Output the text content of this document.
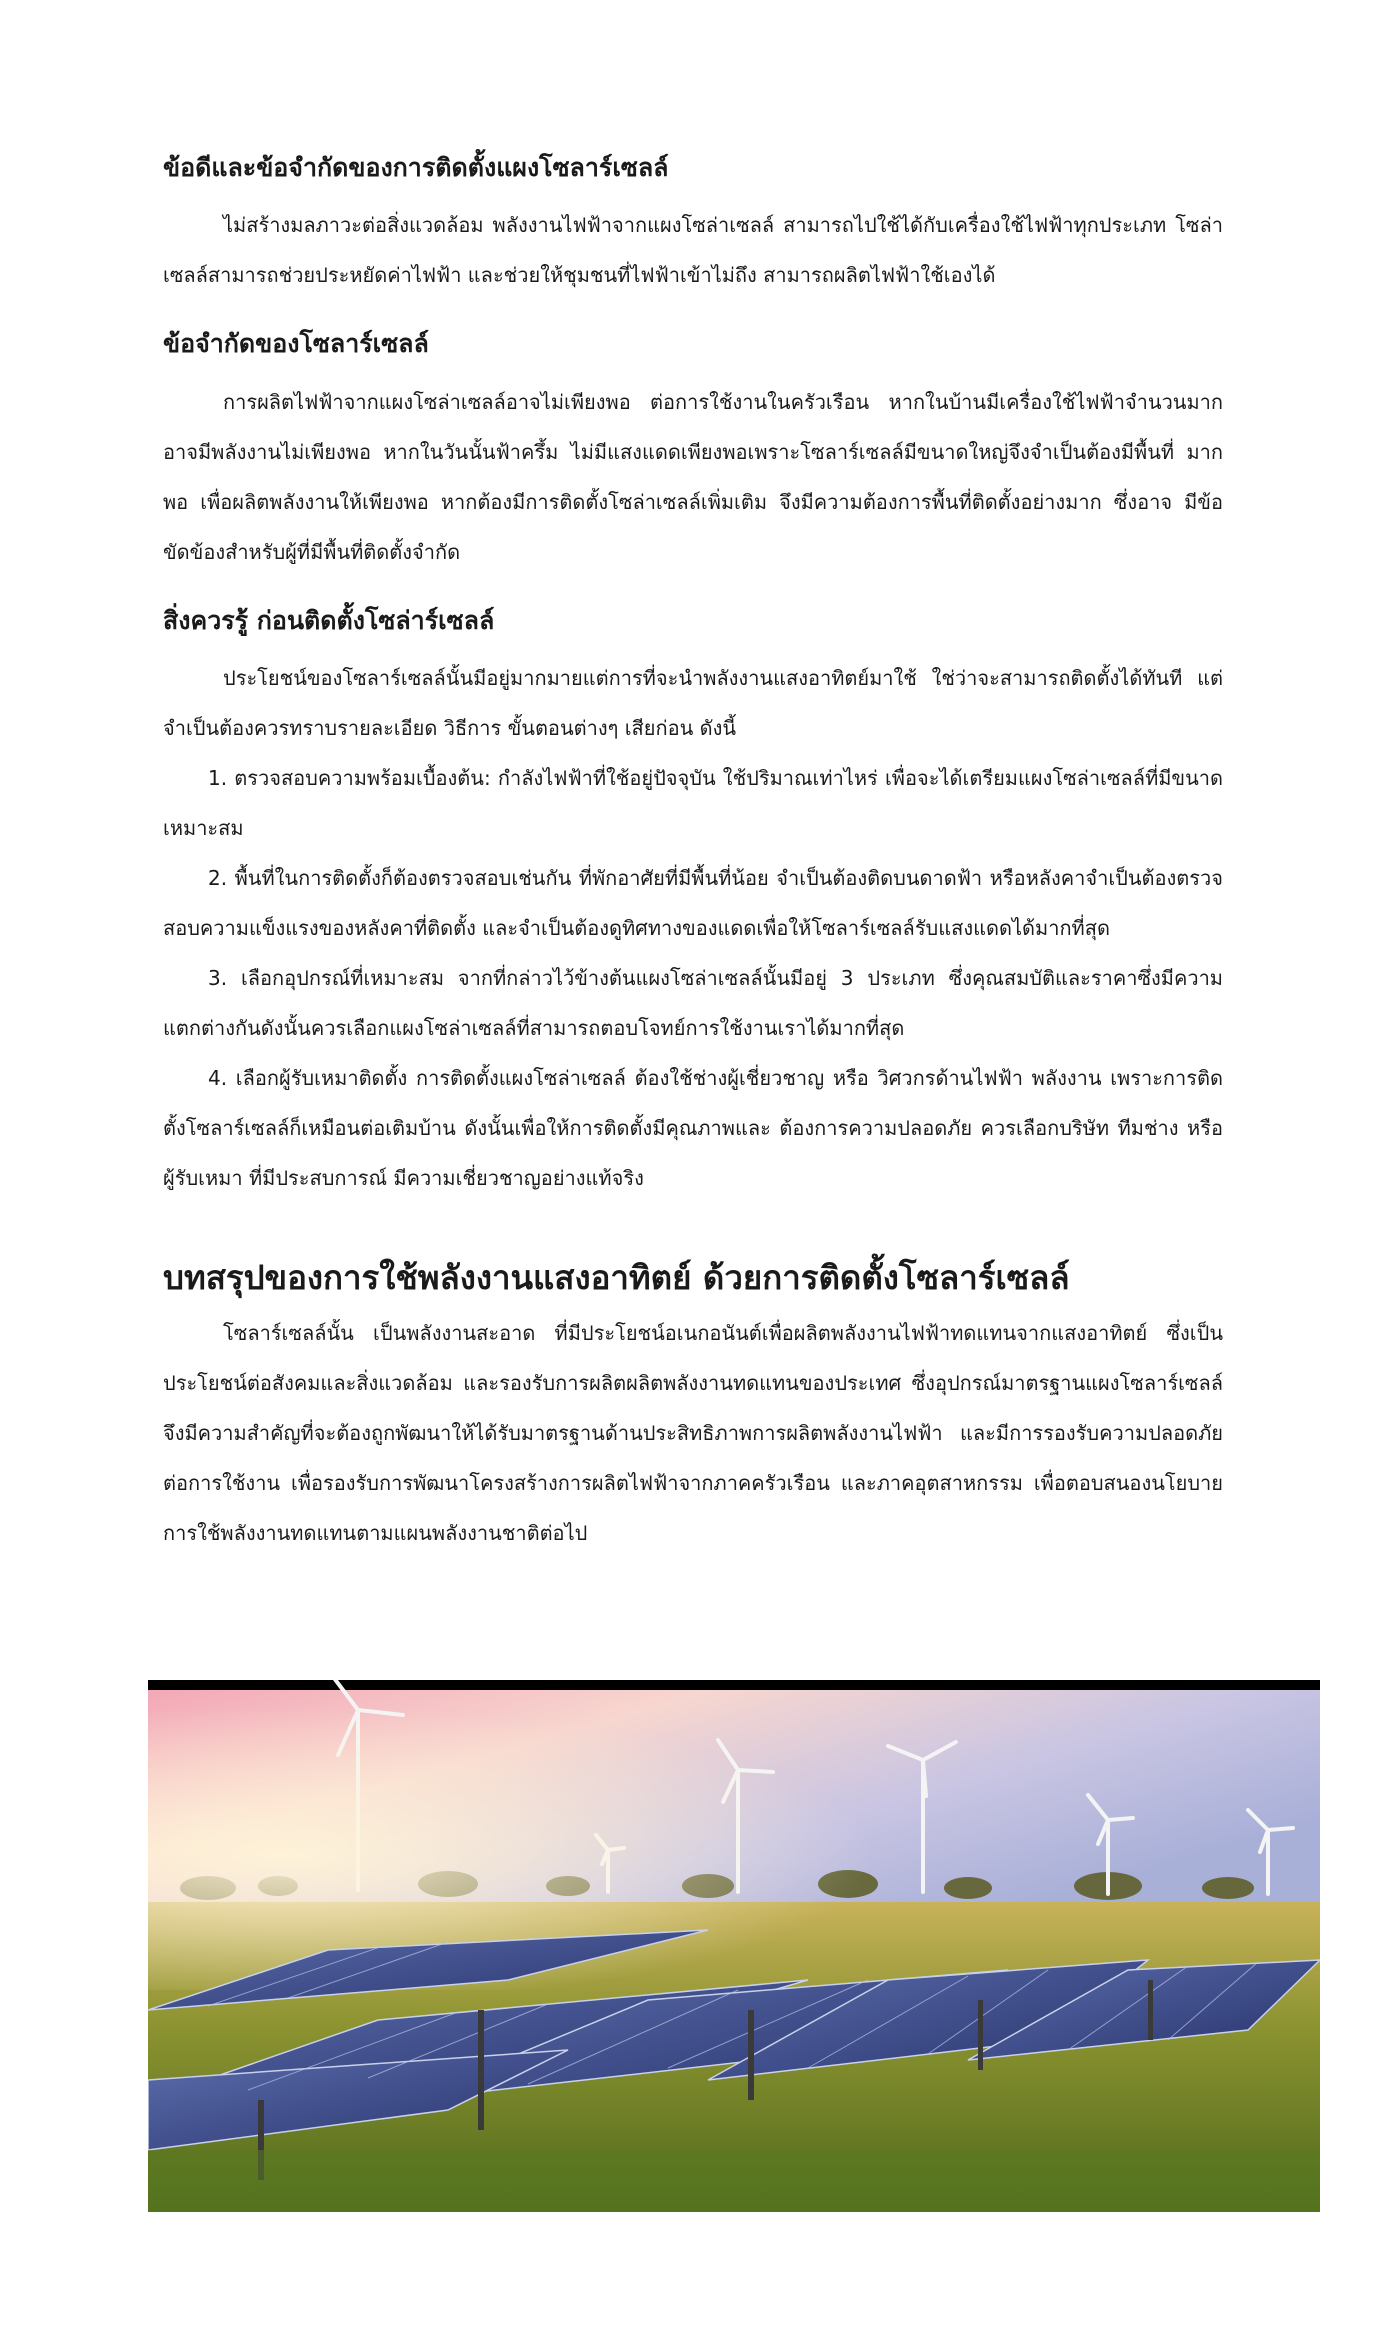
ข้อดีและข้อจำกัดของการติดตั้งแผงโซลาร์เซลล์

ไม่สร้างมลภาวะต่อสิ่งแวดล้อม พลังงานไฟฟ้าจากแผงโซล่าเซลล์ สามารถไปใช้ได้กับเครื่องใช้ไฟฟ้าทุกประเภท โซล่าเซลล์สามารถช่วยประหยัดค่าไฟฟ้า และช่วยให้ชุมชนที่ไฟฟ้าเข้าไม่ถึง สามารถผลิตไฟฟ้าใช้เองได้

ข้อจำกัดของโซลาร์เซลล์

การผลิตไฟฟ้าจากแผงโซล่าเซลล์อาจไม่เพียงพอ ต่อการใช้งานในครัวเรือน หากในบ้านมีเครื่องใช้ไฟฟ้าจำนวนมาก อาจมีพลังงานไม่เพียงพอ หากในวันนั้นฟ้าครึ้ม ไม่มีแสงแดดเพียงพอเพราะโซลาร์เซลล์มีขนาดใหญ่จึงจำเป็นต้องมีพื้นที่ มากพอ เพื่อผลิตพลังงานให้เพียงพอ หากต้องมีการติดตั้งโซล่าเซลล์เพิ่มเติม จึงมีความต้องการพื้นที่ติดตั้งอย่างมาก ซึ่งอาจ มีข้อขัดข้องสำหรับผู้ที่มีพื้นที่ติดตั้งจำกัด

สิ่งควรรู้ ก่อนติดตั้งโซล่าร์เซลล์

ประโยชน์ของโซลาร์เซลล์นั้นมีอยู่มากมายแต่การที่จะนำพลังงานแสงอาทิตย์มาใช้ ใช่ว่าจะสามารถติดตั้งได้ทันที แต่จำเป็นต้องควรทราบรายละเอียด วิธีการ ขั้นตอนต่างๆ เสียก่อน ดังนี้

1. ตรวจสอบความพร้อมเบื้องต้น: กำลังไฟฟ้าที่ใช้อยู่ปัจจุบัน ใช้ปริมาณเท่าไหร่ เพื่อจะได้เตรียมแผงโซล่าเซลล์ที่มีขนาดเหมาะสม

2. พื้นที่ในการติดตั้งก็ต้องตรวจสอบเช่นกัน ที่พักอาศัยที่มีพื้นที่น้อย จำเป็นต้องติดบนดาดฟ้า หรือหลังคาจำเป็นต้องตรวจสอบความแข็งแรงของหลังคาที่ติดตั้ง และจำเป็นต้องดูทิศทางของแดดเพื่อให้โซลาร์เซลล์รับแสงแดดได้มากที่สุด

3. เลือกอุปกรณ์ที่เหมาะสม จากที่กล่าวไว้ข้างต้นแผงโซล่าเซลล์นั้นมีอยู่ 3 ประเภท ซึ่งคุณสมบัติและราคาซึ่งมีความแตกต่างกันดังนั้นควรเลือกแผงโซล่าเซลล์ที่สามารถตอบโจทย์การใช้งานเราได้มากที่สุด

4. เลือกผู้รับเหมาติดตั้ง การติดตั้งแผงโซล่าเซลล์ ต้องใช้ช่างผู้เชี่ยวชาญ หรือ วิศวกรด้านไฟฟ้า พลังงาน เพราะการติดตั้งโซลาร์เซลล์ก็เหมือนต่อเติมบ้าน ดังนั้นเพื่อให้การติดตั้งมีคุณภาพและ ต้องการความปลอดภัย ควรเลือกบริษัท ทีมช่าง หรือผู้รับเหมา ที่มีประสบการณ์ มีความเชี่ยวชาญอย่างแท้จริง

บทสรุปของการใช้พลังงานแสงอาทิตย์ ด้วยการติดตั้งโซลาร์เซลล์

โซลาร์เซลล์นั้น เป็นพลังงานสะอาด ที่มีประโยชน์อเนกอนันต์เพื่อผลิตพลังงานไฟฟ้าทดแทนจากแสงอาทิตย์ ซึ่งเป็นประโยชน์ต่อสังคมและสิ่งแวดล้อม และรองรับการผลิตผลิตพลังงานทดแทนของประเทศ ซึ่งอุปกรณ์มาตรฐานแผงโซลาร์เซลล์จึงมีความสำคัญที่จะต้องถูกพัฒนาให้ได้รับมาตรฐานด้านประสิทธิภาพการผลิตพลังงานไฟฟ้า และมีการรองรับความปลอดภัยต่อการใช้งาน เพื่อรองรับการพัฒนาโครงสร้างการผลิตไฟฟ้าจากภาคครัวเรือน และภาคอุตสาหกรรม เพื่อตอบสนองนโยบายการใช้พลังงานทดแทนตามแผนพลังงานชาติต่อไป
